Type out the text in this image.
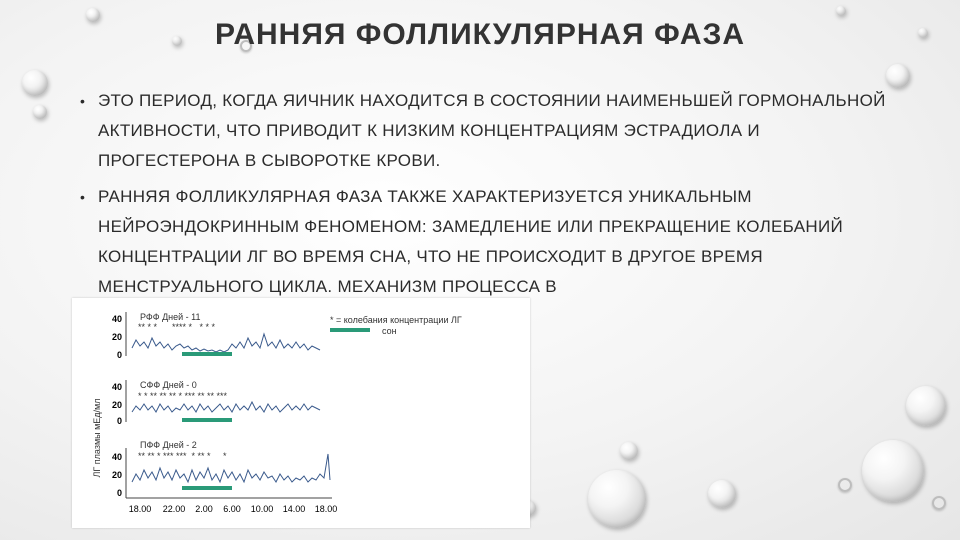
РАННЯЯ ФОЛЛИКУЛЯРНАЯ ФАЗА
• ЭТО ПЕРИОД, КОГДА ЯИЧНИК НАХОДИТСЯ В СОСТОЯНИИ НАИМЕНЬШЕЙ ГОРМОНАЛЬНОЙ АКТИВНОСТИ, ЧТО ПРИВОДИТ К НИЗКИМ КОНЦЕНТРАЦИЯМ ЭСТРАДИОЛА И ПРОГЕСТЕРОНА В СЫВОРОТКЕ КРОВИ.
• РАННЯЯ ФОЛЛИКУЛЯРНАЯ ФАЗА ТАКЖЕ ХАРАКТЕРИЗУЕТСЯ УНИКАЛЬНЫМ НЕЙРОЭНДОКРИННЫМ ФЕНОМЕНОМ: ЗАМЕДЛЕНИЕ ИЛИ ПРЕКРАЩЕНИЕ КОЛЕБАНИЙ КОНЦЕНТРАЦИИ ЛГ ВО ВРЕМЯ СНА, ЧТО НЕ ПРОИСХОДИТ В ДРУГОЕ ВРЕМЯ МЕНСТРУАЛЬНОГО ЦИКЛА. МЕХАНИЗМ ПРОЦЕССА В
ЛГ плазмы мЕд/мл
* = колебания концентрации ЛГ
сон
40
20
0
РФФ Дней - 11
** * *      **** *   * * *
40
20
0
СФФ Дней - 0
* * ** ** ** * *** ** ** ***
40
20
0
ПФФ Дней - 2
** ** * *** ***  * ** *     *
18.00 22.00 2.00 6.00 10.00 14.00 18.00
